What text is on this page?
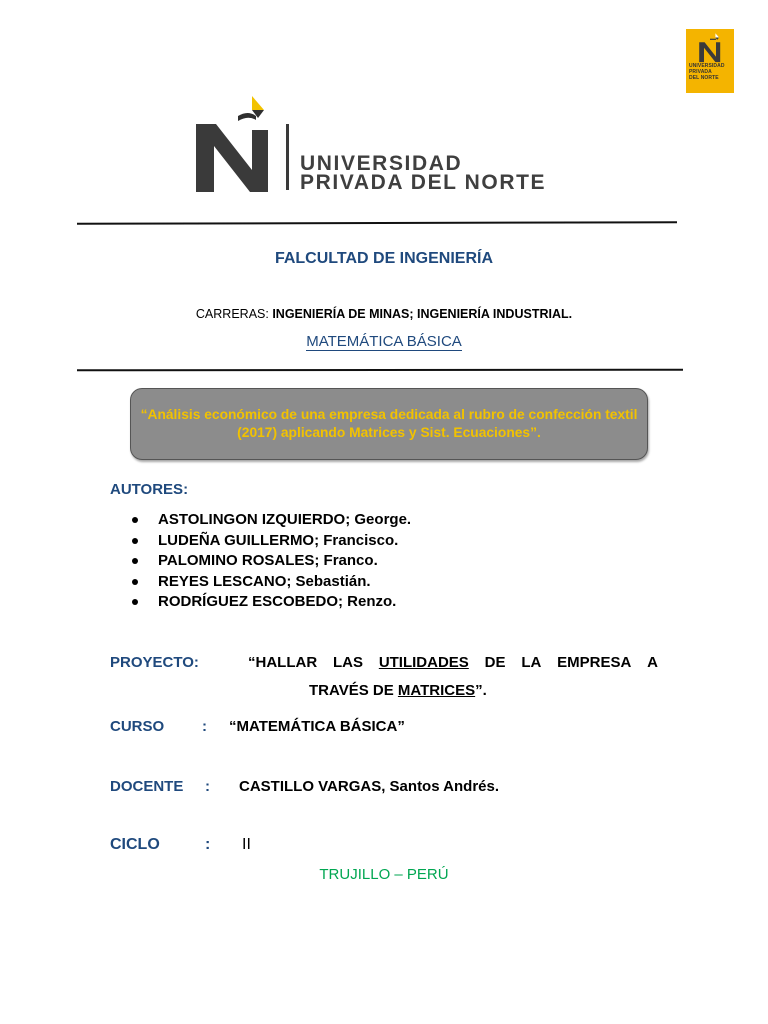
UNIVERSIDAD
PRIVADA
DEL NORTE
UNIVERSIDAD
PRIVADA DEL NORTE
FALCULTAD DE INGENIERÍA
CARRERAS: INGENIERÍA DE MINAS; INGENIERÍA INDUSTRIAL.
MATEMÁTICA BÁSICA
“Análisis económico de una empresa dedicada al rubro de confección textil (2017) aplicando Matrices y Sist. Ecuaciones”.
AUTORES:
ASTOLINGON IZQUIERDO; George.
LUDEÑA GUILLERMO; Francisco.
PALOMINO ROSALES; Franco.
REYES LESCANO; Sebastián.
RODRÍGUEZ ESCOBEDO; Renzo.
PROYECTO:	“HALLAR LAS UTILIDADES DE LA EMPRESA A
TRAVÉS DE MATRICES”.
CURSO	: “MATEMÁTICA BÁSICA”
DOCENTE : CASTILLO VARGAS, Santos Andrés.
CICLO	: II
TRUJILLO – PERÚ
